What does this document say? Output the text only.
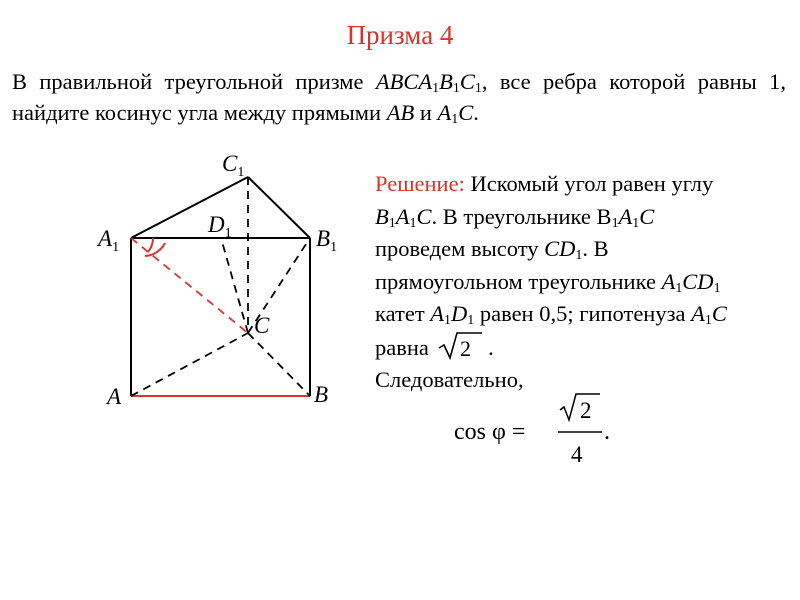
Призма 4
В правильной треугольной призме $ABCA_1B_1C_1$, все ребра которой равны 1, найдите косинус угла между прямыми AB и $A_1C$.
$A_1$	$B_1$
$C_1$
$D_1$
A	B
C
Решение: Искомый угол равен углу $B_1A_1C$. В треугольнике $B_1A_1C$ проведем высоту $CD_1$. В прямоугольном треугольнике $A_1CD_1$ катет $A_1D_1$ равен 0,5; гипотенуза $A_1C$ равна 2 .
Следовательно,
cos φ =
2
4
.
